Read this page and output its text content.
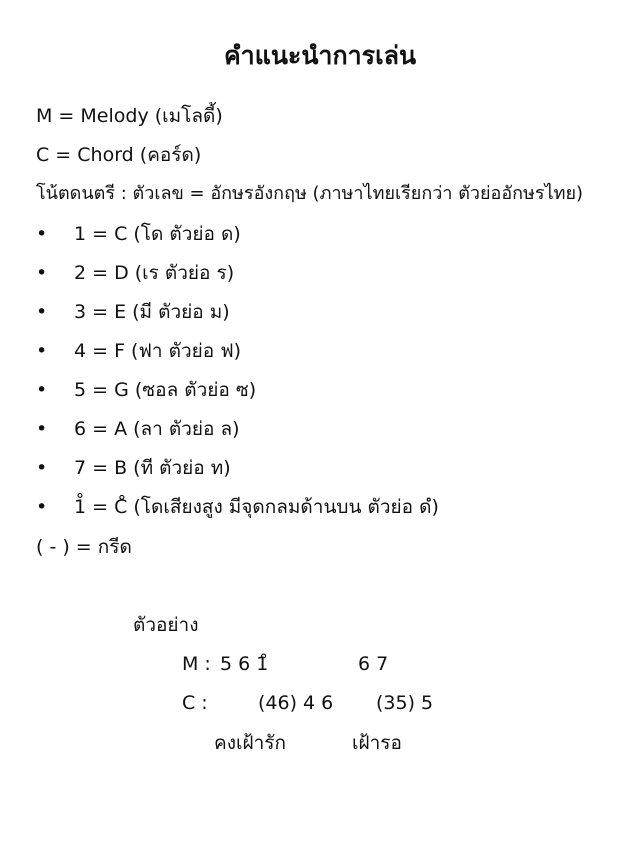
คำแนะนำการเล่น
M = Melody (เมโลดี้)
C = Chord (คอร์ด)
โน้ตดนตรี : ตัวเลข = อักษรอังกฤษ (ภาษาไทยเรียกว่า ตัวย่ออักษรไทย)
• 1 = C (โด ตัวย่อ ด)
• 2 = D (เร ตัวย่อ ร)
• 3 = E (มี ตัวย่อ ม)
• 4 = F (ฟา ตัวย่อ ฟ)
• 5 = G (ซอล ตัวย่อ ซ)
• 6 = A (ลา ตัวย่อ ล)
• 7 = B (ที ตัวย่อ ท)
• 1̊ = C̊ (โดเสียงสูง มีจุดกลมด้านบน ตัวย่อ ดํ)
( - ) = กรีด
ตัวอย่าง
M : 5 6 1̊	6 7
C :	(46) 4 6 (35) 5
คงเฝ้ารัก	เฝ้ารอ
